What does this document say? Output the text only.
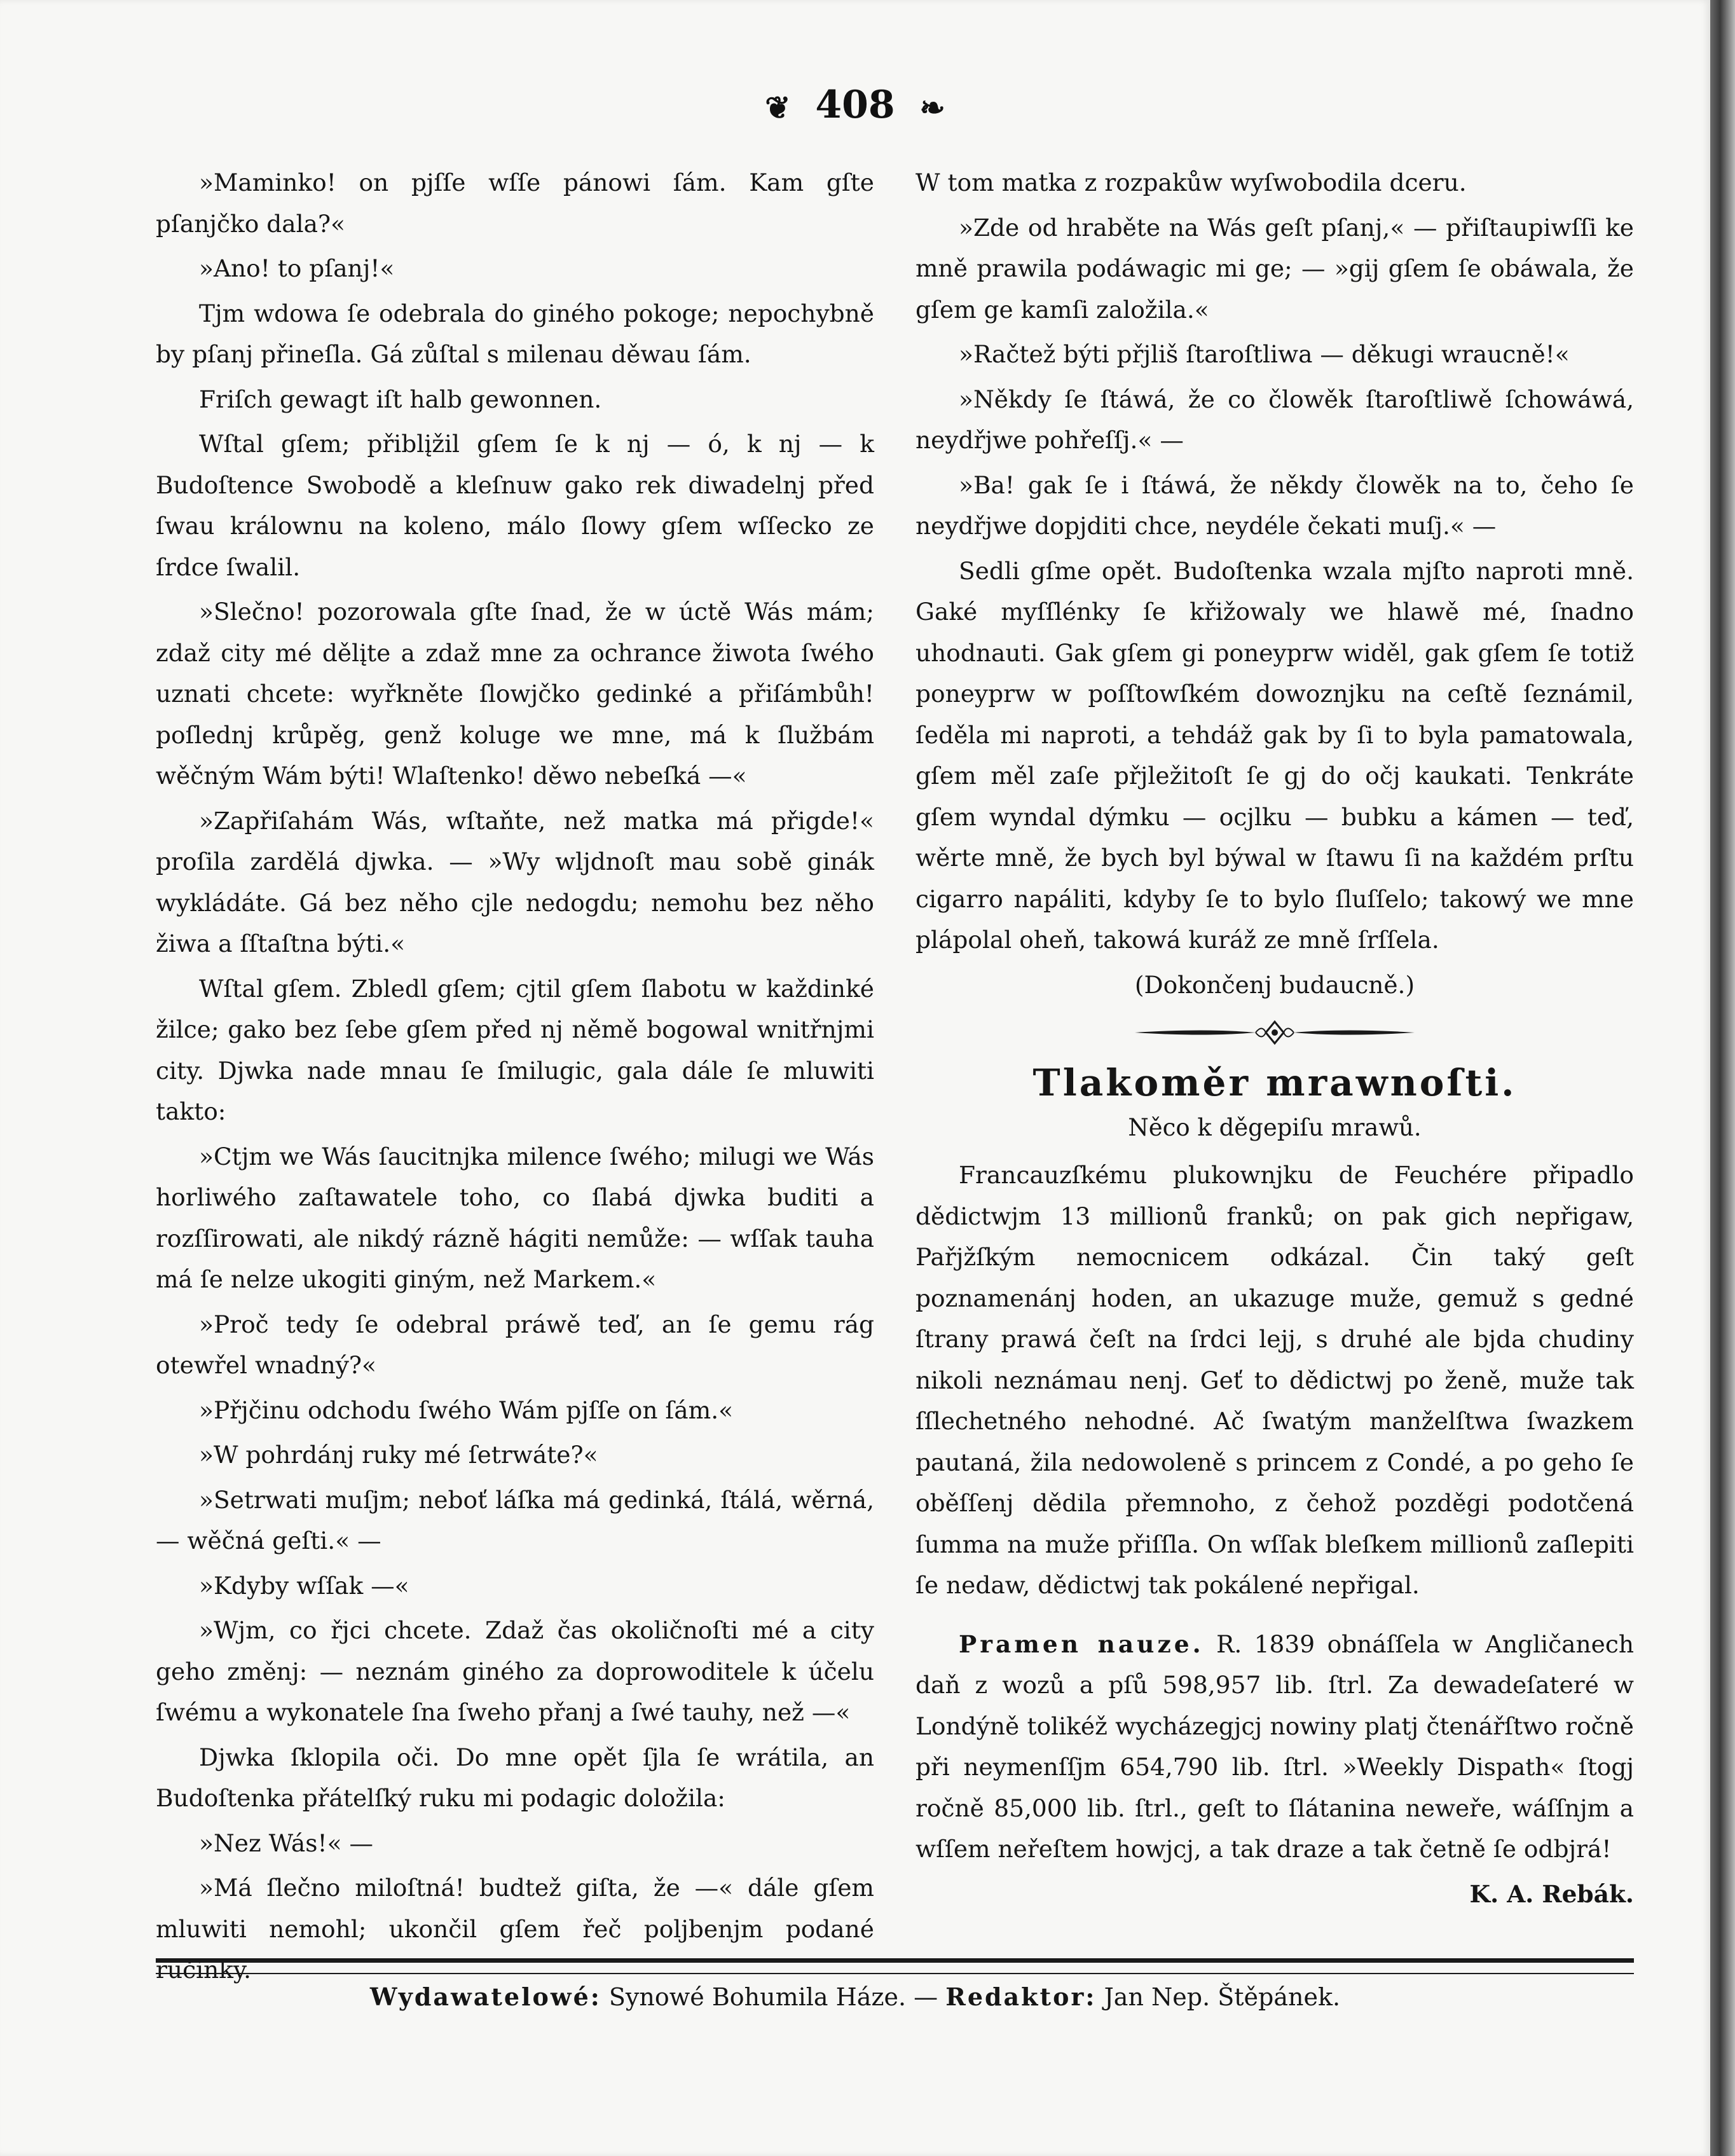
❦ 408 ❧

»Maminko! on pjſſe wſſe pánowi ſám. Kam gſte pſanjčko dala?«

»Ano! to pſanj!«

Tjm wdowa ſe odebrala do giného pokoge; nepochybně by pſanj přineſla. Gá zůſtal s milenau děwau ſám.

Friſch gewagt iſt halb gewonnen.

Wſtal gſem; přiblįžil gſem ſe k nj — ó, k nj — k Budoſtence Swobodě a kleſnuw gako rek diwadelnj před ſwau králownu na koleno, málo ſlowy gſem wſſecko ze ſrdce ſwalil.

»Slečno! pozorowala gſte ſnad, že w úctě Wás mám; zdaž city mé dělįte a zdaž mne za ochrance žiwota ſwého uznati chcete: wyřkněte ſlowjčko gedinké a přiſámbůh! poſlednj krůpěg, genž koluge we mne, má k ſlužbám wěčným Wám býti! Wlaſtenko! děwo nebeſká —«

»Zapřiſahám Wás, wſtaňte, než matka má přigde!« proſila zardělá djwka. — »Wy wljdnoſt mau sobě ginák wykládáte. Gá bez něho cjle nedogdu; nemohu bez něho žiwa a ſſtaſtna býti.«

Wſtal gſem. Zbledl gſem; cjtil gſem ſlabotu w každinké žilce; gako bez ſebe gſem před nj němě bogowal wnitřnjmi city. Djwka nade mnau ſe ſmilugic, gala dále ſe mluwiti takto:

»Ctjm we Wás ſaucitnjka milence ſwého; milugi we Wás horliwého zaſtawatele toho, co ſlabá djwka buditi a rozſſirowati, ale nikdý rázně hágiti nemůže: — wſſak tauha má ſe nelze ukogiti giným, než Markem.«

»Proč tedy ſe odebral práwě teď, an ſe gemu rág otewřel wnadný?«

»Přjčinu odchodu ſwého Wám pjſſe on ſám.«

»W pohrdánj ruky mé ſetrwáte?«

»Setrwati muſjm; neboť láſka má gedinká, ſtálá, wěrná, — wěčná geſti.« —

»Kdyby wſſak —«

»Wjm, co řjci chcete. Zdaž čas okoličnoſti mé a city geho změnj: — neznám giného za doprowoditele k účelu ſwému a wykonatele ſna ſweho přanj a ſwé tauhy, než —«

Djwka ſklopila oči. Do mne opět ſjla ſe wrátila, an Budoſtenka přátelſký ruku mi podagic doložila:

»Nez Wás!« —

»Má ſlečno miloſtná! budtež giſta, že —« dále gſem mluwiti nemohl; ukončil gſem řeč poljbenjm podané ručinky.

W tom matka z rozpakůw wyſwobodila dceru.

»Zde od hraběte na Wás geſt pſanj,« — přiſtaupiwſſi ke mně prawila podáwagic mi ge; — »gij gſem ſe obáwala, že gſem ge kamſi založila.«

»Račtež býti přjliš ſtaroſtliwa — děkugi wraucně!«

»Někdy ſe ſtáwá, že co člowěk ſtaroſtliwě ſchowáwá, neydřjwe pohřeſſj.« —

»Ba! gak ſe i ſtáwá, že někdy člowěk na to, čeho ſe neydřjwe dopjditi chce, neydéle čekati muſj.« —

Sedli gſme opět. Budoſtenka wzala mjſto naproti mně. Gaké myſſlénky ſe křižowaly we hlawě mé, ſnadno uhodnauti. Gak gſem gi poneyprw widěl, gak gſem ſe totiž poneyprw w poſſtowſkém dowoznjku na ceſtě ſeznámil, ſeděla mi naproti, a tehdáž gak by ſi to byla pamatowala, gſem měl zaſe přjležitoſt ſe gj do očj kaukati. Tenkráte gſem wyndal dýmku — ocjlku — bubku a kámen — teď, wěrte mně, že bych byl býwal w ſtawu ſi na každém prſtu cigarro napáliti, kdyby ſe to bylo ſluſſelo; takowý we mne plápolal oheň, takowá kuráž ze mně ſrſſela.

(Dokončenj budaucně.)

Tlakoměr mrawnoſti.
Něco k děgepiſu mrawů.

Francauzſkému plukownjku de Feuchére připadlo dědictwjm 13 millionů franků; on pak gich nepřigaw, Pařjžſkým nemocnicem odkázal. Čin taký geſt poznamenánj hoden, an ukazuge muže, gemuž s gedné ſtrany prawá čeſt na ſrdci lejj, s druhé ale bjda chudiny nikoli neznámau nenj. Geť to dědictwj po ženě, muže tak ſſlechetného nehodné. Ač ſwatým manželſtwa ſwazkem pautaná, žila nedowoleně s princem z Condé, a po geho ſe oběſſenj dědila přemnoho, z čehož pozděgi podotčená ſumma na muže přiſſla. On wſſak bleſkem millionů zaſlepiti ſe nedaw, dědictwj tak pokálené nepřigal.

Pramen nauze. R. 1839 obnáſſela w Angličanech daň z wozů a pſů 598,957 lib. ſtrl. Za dewadeſateré w Londýně tolikéž wycházegjcj nowiny platj čtenářſtwo ročně při neymenſſjm 654,790 lib. ſtrl. »Weekly Dispath« ſtogj ročně 85,000 lib. ſtrl., geſt to ſlátanina neweře, wáſſnjm a wſſem neřeſtem howjcj, a tak draze a tak četně ſe odbjrá!

K. A. Rebák.

Wydawatelowé: Synowé Bohumila Háze. — Redaktor: Jan Nep. Štěpánek.
